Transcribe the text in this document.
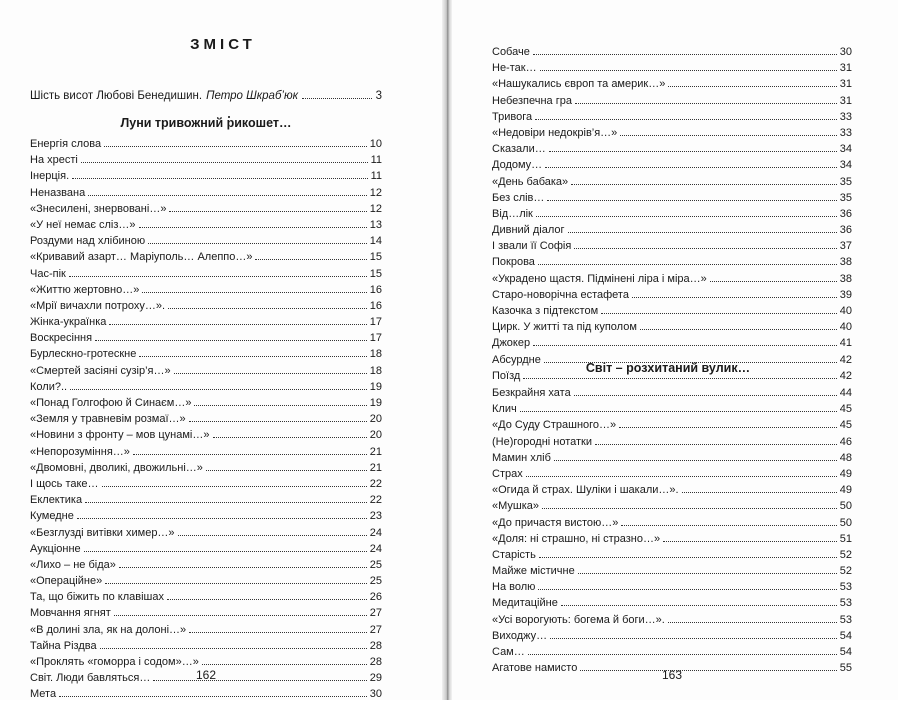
ЗМІСТ
Шість висот Любові Бенедишин. Петро Шкраб’юк	3
Луни тривожний рикошет…
Енергія слова	10
На хресті	11
Інерція.	11
Неназвана	12
«Знесилені, знервовані…»	12
«У неї немає сліз…»	13
Роздуми над хлібиною	14
«Кривавий азарт… Маріуполь… Алеппо…»	15
Час-пік	15
«Життю жертовно…»	16
«Мрії вичахли потроху…».	16
Жінка-українка	17
Воскресіння	17
Бурлескно-гротескне	18
«Смертей засіяні сузір’я…»	18
Коли?..	19
«Понад Голгофою й Синаєм…»	19
«Земля у травневім розмаї…»	20
«Новини з фронту – мов цунамі…»	20
«Непорозуміння…»	21
«Двомовні, дволикі, двожильні…»	21
І щось таке…	22
Еклектика	22
Кумедне	23
«Безглузді витівки химер…»	24
Аукціонне	24
«Лихо – не біда»	25
«Операційне»	25
Та, що біжить по клавішах	26
Мовчання ягнят	27
«В долині зла, як на долоні…»	27
Тайна Різдва	28
«Проклять «гоморра і содом»…»	28
Світ. Люди бавляться…	29
Мета	30
162
Собаче	30
Не-так…	31
«Нашукались європ та америк…»	31
Небезпечна гра	31
Тривога	33
«Недовіри недокрів’я…»	33
Сказали…	34
Додому…	34
«День бабака»	35
Без слів…	35
Від…лік	36
Дивний діалог	36
І звали її Софія	37
Покрова	38
«Украдено щастя. Підмінені ліра і міра…»	38
Старо-новорічна естафета	39
Казочка з підтекстом	40
Цирк. У житті та під куполом	40
Джокер	41
Абсурдне	42
Поїзд	42
Світ – розхитаний вулик…
Безкрайня хата	44
Клич	45
«До Суду Страшного…»	45
(Не)городні нотатки	46
Мамин хліб	48
Страх	49
«Огида й страх. Шуліки і шакали…».	49
«Мушка»	50
«До причастя вистою…»	50
«Доля: ні страшно, ні стразно…»	51
Старість	52
Майже містичне	52
На волю	53
Медитаційне	53
«Усі ворогують: богема й боги…».	53
Виходжу…	54
Сам…	54
Агатове намисто	55
163
